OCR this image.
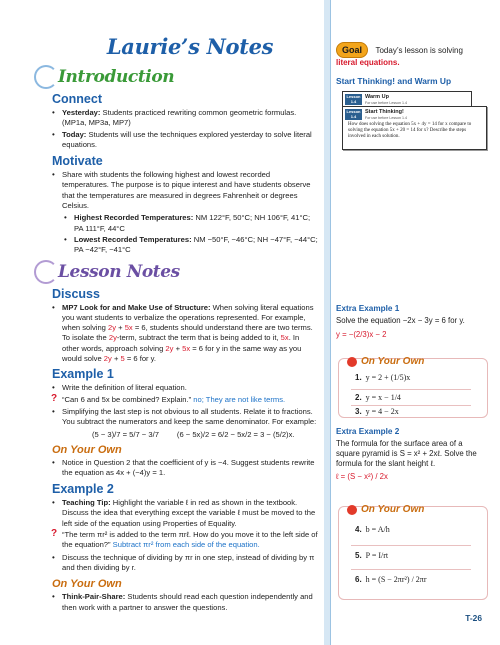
Laurie’s Notes
Introduction
Connect
• Yesterday: Students practiced rewriting common geometric formulas. (MP1a, MP3a, MP7)
• Today: Students will use the techniques explored yesterday to solve literal equations.
Motivate
• Share with students the following highest and lowest recorded temperatures. The purpose is to pique interest and have students observe that the temperatures are measured in degrees Fahrenheit or degrees Celsius.
• Highest Recorded Temperatures: NM 122°F, 50°C; NH 106°F, 41°C; PA 111°F, 44°C
• Lowest Recorded Temperatures: NM −50°F, −46°C; NH −47°F, −44°C; PA −42°F, −41°C
Lesson Notes
Discuss
• MP7 Look for and Make Use of Structure: When solving literal equations you want students to verbalize the operations represented. For example, when solving 2y + 5x = 6, students should understand there are two terms. To isolate the 2y-term, subtract the term that is being added to it, 5x. In other words, approach solving 2y + 5x = 6 for y in the same way as you would solve 2y + 5 = 6 for y.
Example 1
• Write the definition of literal equation.
? “Can 6 and 5x be combined? Explain.” no; They are not like terms.
• Simplifying the last step is not obvious to all students. Relate it to fractions. You subtract the numerators and keep the same denominator. For example:
(5 − 3)/7 = 5/7 − 3/7 (6 − 5x)/2 = 6/2 − 5x/2 = 3 − (5/2)x.
On Your Own
• Notice in Question 2 that the coefficient of y is −4. Suggest students rewrite the equation as 4x + (−4)y = 1.
Example 2
• Teaching Tip: Highlight the variable ℓ in red as shown in the textbook. Discuss the idea that everything except the variable ℓ must be moved to the left side of the equation using Properties of Equality.
? “The term πr² is added to the term πrℓ. How do you move it to the left side of the equation?” Subtract πr² from each side of the equation.
• Discuss the technique of dividing by πr in one step, instead of dividing by π and then dividing by r.
On Your Own
• Think-Pair-Share: Students should read each question independently and then work with a partner to answer the questions.
Goal Today’s lesson is solving
literal equations.
Start Thinking! and Warm Up
Lesson 1.4
Warm Up
For use before Lesson 1.4
Lesson 1.4
Start Thinking!
For use before Lesson 1.4
How does solving the equation 5x + 4y = 14 for x compare to solving the equation 5x + 20 = 14 for x? Describe the steps involved in each solution.
Extra Example 1
Solve the equation −2x − 3y = 6 for y.
y = −(2/3)x − 2
On Your Own
1. y = 2 + (1/5)x
2. y = x − 1/4
3. y = 4 − 2x
Extra Example 2
The formula for the surface area of a square pyramid is S = x² + 2xℓ. Solve the formula for the slant height ℓ.
ℓ = (S − x²) / 2x
On Your Own
4. b = A/h
5. P = I/rt
6. h = (S − 2πr²) / 2πr
T-26
